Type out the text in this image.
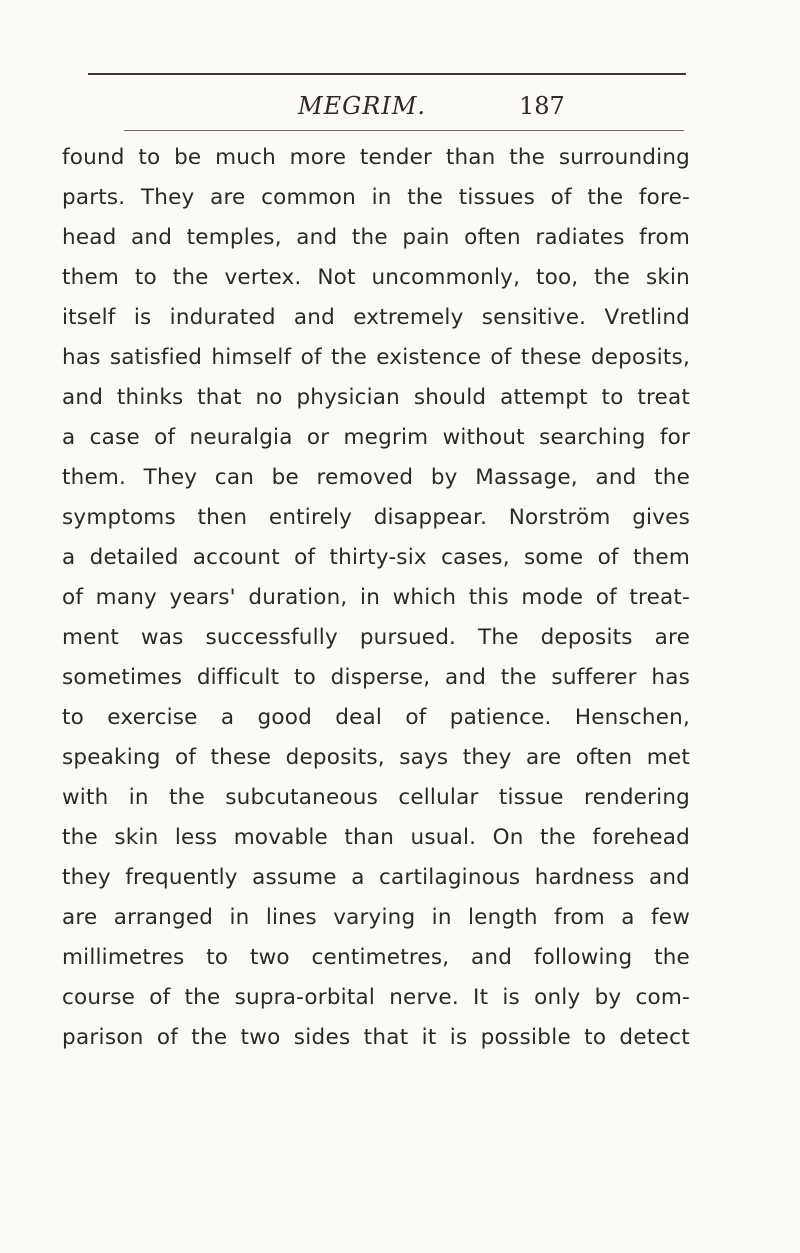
MEGRIM.	187
found to be much more tender than the surrounding
parts. They are common in the tissues of the fore-
head and temples, and the pain often radiates from
them to the vertex. Not uncommonly, too, the skin
itself is indurated and extremely sensitive. Vretlind
has satisfied himself of the existence of these deposits,
and thinks that no physician should attempt to treat
a case of neuralgia or megrim without searching for
them. They can be removed by Massage, and the
symptoms then entirely disappear. Norström gives
a detailed account of thirty-six cases, some of them
of many years' duration, in which this mode of treat-
ment was successfully pursued. The deposits are
sometimes difficult to disperse, and the sufferer has
to exercise a good deal of patience. Henschen,
speaking of these deposits, says they are often met
with in the subcutaneous cellular tissue rendering
the skin less movable than usual. On the forehead
they frequently assume a cartilaginous hardness and
are arranged in lines varying in length from a few
millimetres to two centimetres, and following the
course of the supra-orbital nerve. It is only by com-
parison of the two sides that it is possible to detect
